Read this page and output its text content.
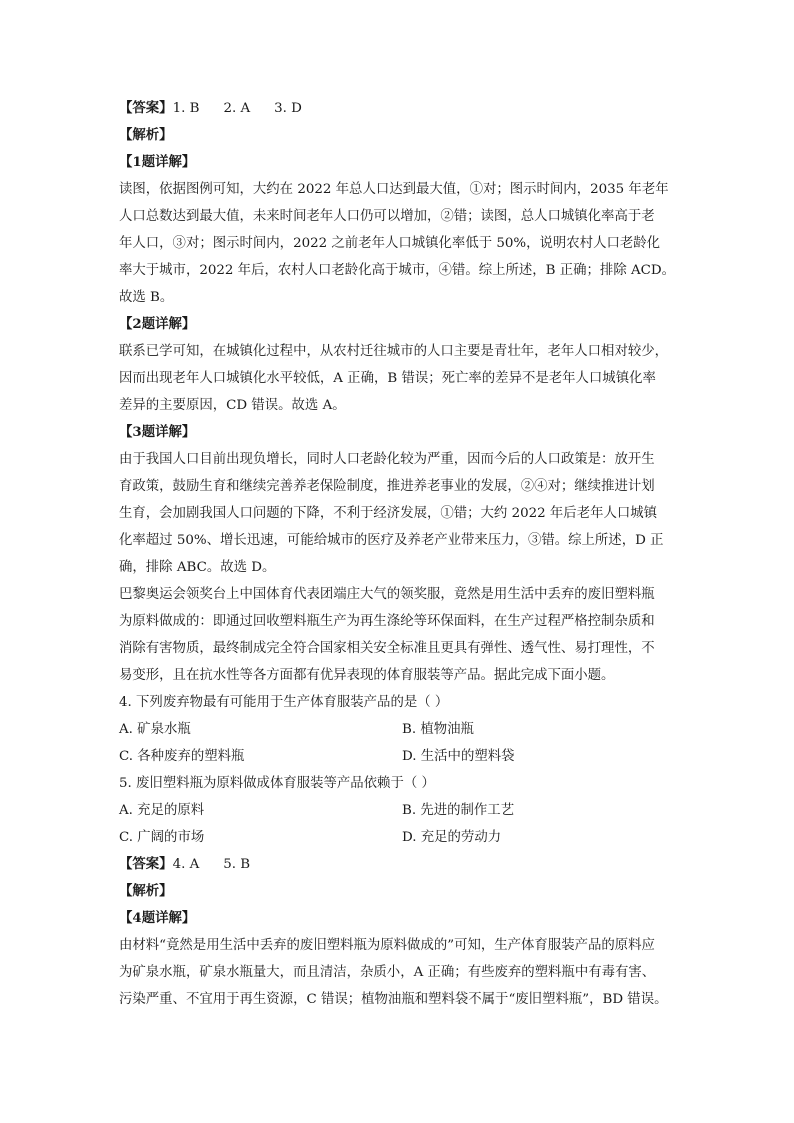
【答案】1. B 2. A 3. D
【解析】
【1题详解】
读图，依据图例可知，大约在 2022 年总人口达到最大值，①对；图示时间内，2035 年老年
人口总数达到最大值，未来时间老年人口仍可以增加，②错；读图，总人口城镇化率高于老
年人口，③对；图示时间内，2022 之前老年人口城镇化率低于 50%，说明农村人口老龄化
率大于城市，2022 年后，农村人口老龄化高于城市，④错。综上所述，B 正确；排除 ACD。
故选 B。
【2题详解】
联系已学可知，在城镇化过程中，从农村迁往城市的人口主要是青壮年，老年人口相对较少，
因而出现老年人口城镇化水平较低，A 正确，B 错误；死亡率的差异不是老年人口城镇化率
差异的主要原因，CD 错误。故选 A。
【3题详解】
由于我国人口目前出现负增长，同时人口老龄化较为严重，因而今后的人口政策是：放开生
育政策，鼓励生育和继续完善养老保险制度，推进养老事业的发展，②④对；继续推进计划
生育，会加剧我国人口问题的下降，不利于经济发展，①错；大约 2022 年后老年人口城镇
化率超过 50%、增长迅速，可能给城市的医疗及养老产业带来压力，③错。综上所述，D 正
确，排除 ABC。故选 D。
巴黎奥运会领奖台上中国体育代表团端庄大气的领奖服，竟然是用生活中丢弃的废旧塑料瓶
为原料做成的：即通过回收塑料瓶生产为再生涤纶等环保面料，在生产过程严格控制杂质和
消除有害物质，最终制成完全符合国家相关安全标准且更具有弹性、透气性、易打理性，不
易变形，且在抗水性等各方面都有优异表现的体育服装等产品。据此完成下面小题。
4. 下列废弃物最有可能用于生产体育服装产品的是（ ）
A. 矿泉水瓶	B. 植物油瓶
C. 各种废弃的塑料瓶	D. 生活中的塑料袋
5. 废旧塑料瓶为原料做成体育服装等产品依赖于（ ）
A. 充足的原料	B. 先进的制作工艺
C. 广阔的市场	D. 充足的劳动力
【答案】4. A 5. B
【解析】
【4题详解】
由材料“竟然是用生活中丢弃的废旧塑料瓶为原料做成的”可知，生产体育服装产品的原料应
为矿泉水瓶，矿泉水瓶量大，而且清洁，杂质小，A 正确；有些废弃的塑料瓶中有毒有害、
污染严重、不宜用于再生资源，C 错误；植物油瓶和塑料袋不属于“废旧塑料瓶”，BD 错误。
